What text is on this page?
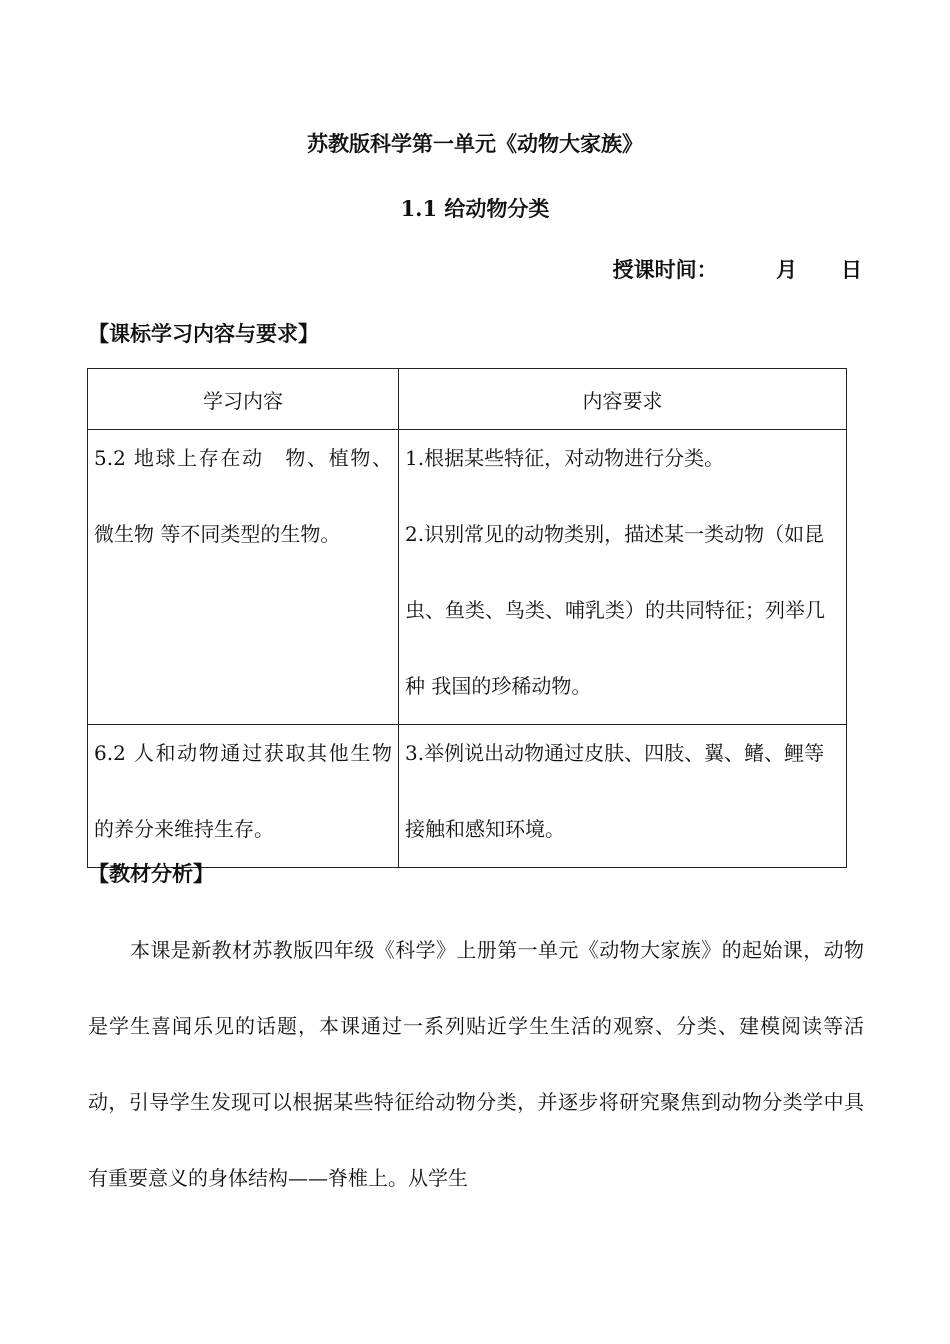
苏教版科学第一单元《动物大家族》
1.1 给动物分类
授课时间：        月      日
【课标学习内容与要求】
学习内容	内容要求

5.2 地球上存在动　物、植物、微生物 等不同类型的生物。	1.根据某些特征，对动物进行分类。

2.识别常见的动物类别，描述某一类动物（如昆　虫、鱼类、鸟类、哺乳类）的共同特征；列举几种 我国的珍稀动物。

6.2 人和动物通过获取其他生物的养分来维持生存。	3.举例说出动物通过皮肤、四肢、翼、鳍、鲤等接触和感知环境。

【教材分析】
本课是新教材苏教版四年级《科学》上册第一单元《动物大家族》的起始课，动物是学生喜闻乐见的话题，本课通过一系列贴近学生生活的观察、分类、建模阅读等活动，引导学生发现可以根据某些特征给动物分类，并逐步将研究聚焦到动物分类学中具有重要意义的身体结构——脊椎上。从学生
